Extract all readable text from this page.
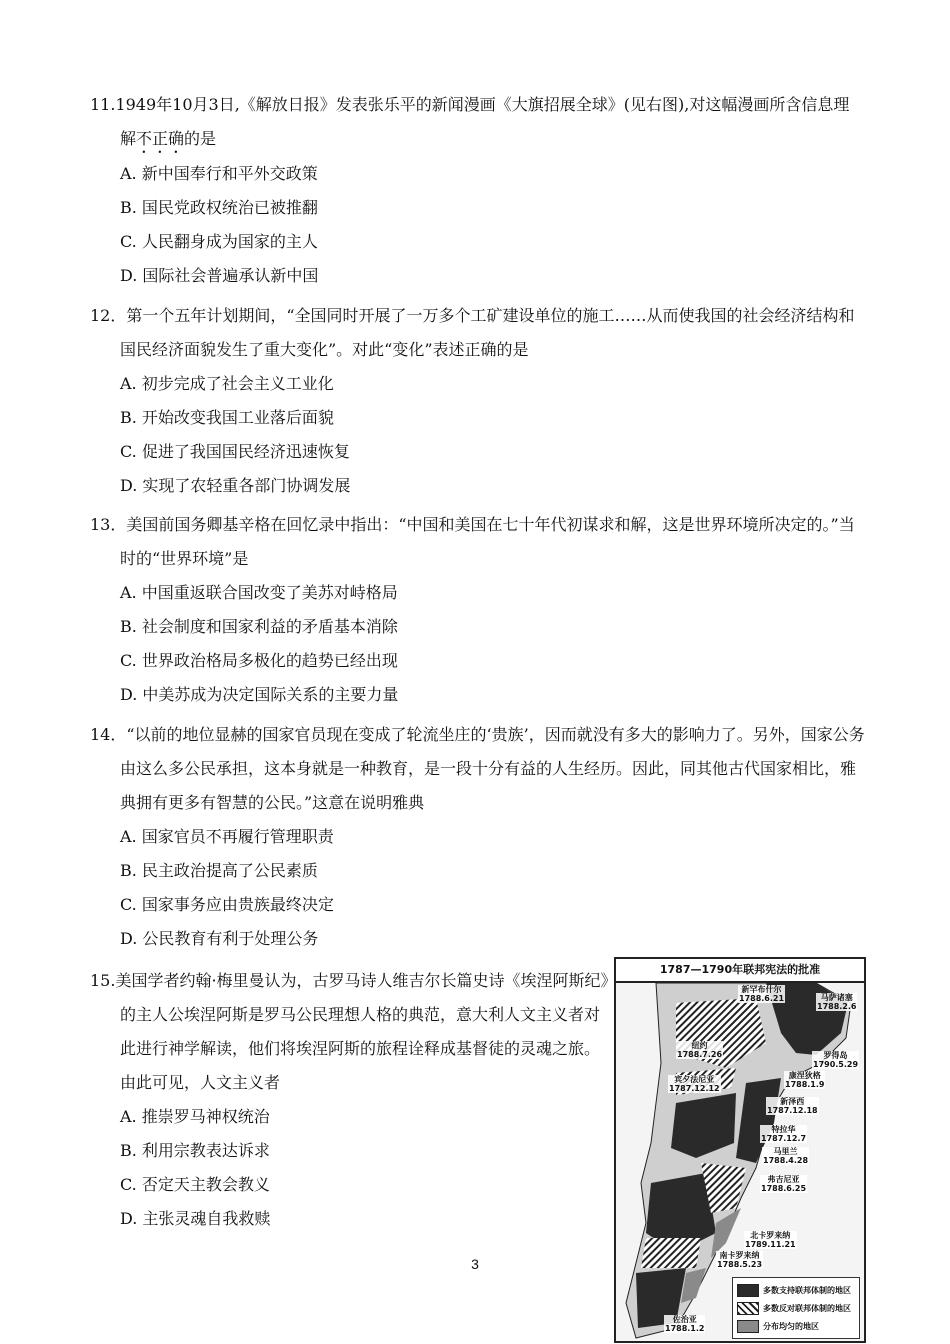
11.1949年10月3日,《解放日报》发表张乐平的新闻漫画《大旗招展全球》(见右图),对这幅漫画所含信息理解不正确的是

A. 新中国奉行和平外交政策

B. 国民党政权统治已被推翻

C. 人民翻身成为国家的主人

D. 国际社会普遍承认新中国

12．第一个五年计划期间，“全国同时开展了一万多个工矿建设单位的施工……从而使我国的社会经济结构和国民经济面貌发生了重大变化”。对此“变化”表述正确的是

A. 初步完成了社会主义工业化

B. 开始改变我国工业落后面貌

C. 促进了我国国民经济迅速恢复

D. 实现了农轻重各部门协调发展

13．美国前国务卿基辛格在回忆录中指出：“中国和美国在七十年代初谋求和解，这是世界环境所决定的。”当时的“世界环境”是

A. 中国重返联合国改变了美苏对峙格局

B. 社会制度和国家利益的矛盾基本消除

C. 世界政治格局多极化的趋势已经出现

D. 中美苏成为决定国际关系的主要力量

14．“以前的地位显赫的国家官员现在变成了轮流坐庄的‘贵族’，因而就没有多大的影响力了。另外，国家公务由这么多公民承担，这本身就是一种教育，是一段十分有益的人生经历。因此，同其他古代国家相比，雅典拥有更多有智慧的公民。”这意在说明雅典

A. 国家官员不再履行管理职责

B. 民主政治提高了公民素质

C. 国家事务应由贵族最终决定

D. 公民教育有利于处理公务

15.美国学者约翰·梅里曼认为，古罗马诗人维吉尔长篇史诗《埃涅阿斯纪》的主人公埃涅阿斯是罗马公民理想人格的典范，意大利人文主义者对此进行神学解读，他们将埃涅阿斯的旅程诠释成基督徒的灵魂之旅。由此可见，人文主义者

A. 推崇罗马神权统治

B. 利用宗教表达诉求

C. 否定天主教会教义

D. 主张灵魂自我救赎

1787—1790年联邦宪法的批准
新罕布什尔
1788.6.21	马萨诸塞
1788.2.6
纽约
1788.7.26	罗得岛
1790.5.29
康涅狄格
1788.1.9
宾夕法尼亚
1787.12.12
新泽西
1787.12.18
特拉华
1787.12.7
马里兰
1788.4.28
弗吉尼亚
1788.6.25
北卡罗来纳
1789.11.21
南卡罗来纳
1788.5.23
佐治亚
1788.1.2
多数支持联邦体制的地区
多数反对联邦体制的地区
分布均匀的地区
3
